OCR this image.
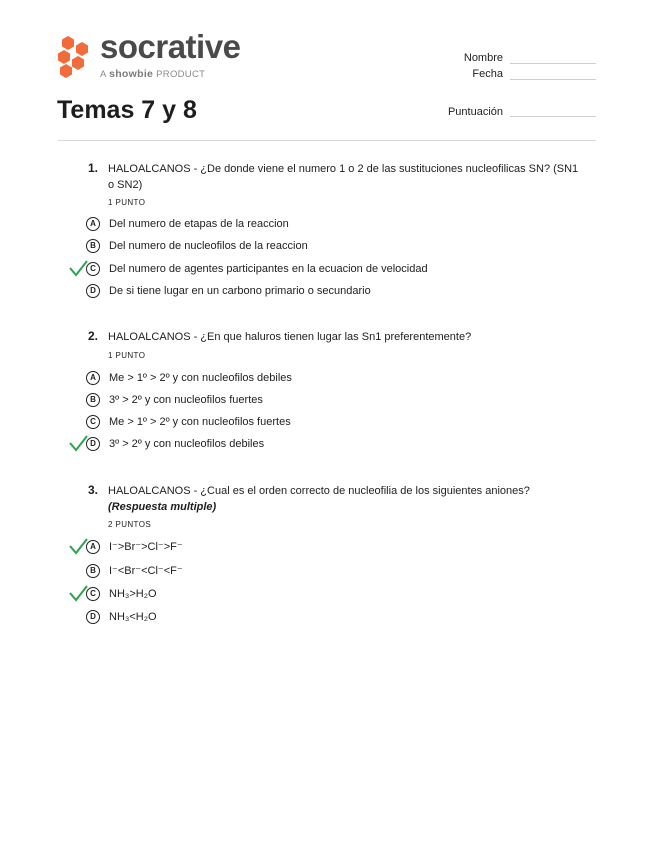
socrative
A showbie PRODUCT
Nombre
Fecha
Puntuación
Temas 7 y 8
1. HALOALCANOS - ¿De donde viene el numero 1 o 2 de las sustituciones nucleofilicas SN? (SN1 o SN2)
1 PUNTO
A	Del numero de etapas de la reaccion
B	Del numero de nucleofilos de la reaccion
C	Del numero de agentes participantes en la ecuacion de velocidad
D	De si tiene lugar en un carbono primario o secundario
2. HALOALCANOS - ¿En que haluros tienen lugar las Sn1 preferentemente?
1 PUNTO
A	Me > 1º > 2º y con nucleofilos debiles
B	3º > 2º y con nucleofilos fuertes
C	Me > 1º > 2º y con nucleofilos fuertes
D	3º > 2º y con nucleofilos debiles
3. HALOALCANOS - ¿Cual es el orden correcto de nucleofilia de los siguientes aniones?
(Respuesta multiple)
2 PUNTOS
A	I⁻>Br⁻>Cl⁻>F⁻
B	I⁻<Br⁻<Cl⁻<F⁻
C	NH₃>H₂O
D	NH₃<H₂O
